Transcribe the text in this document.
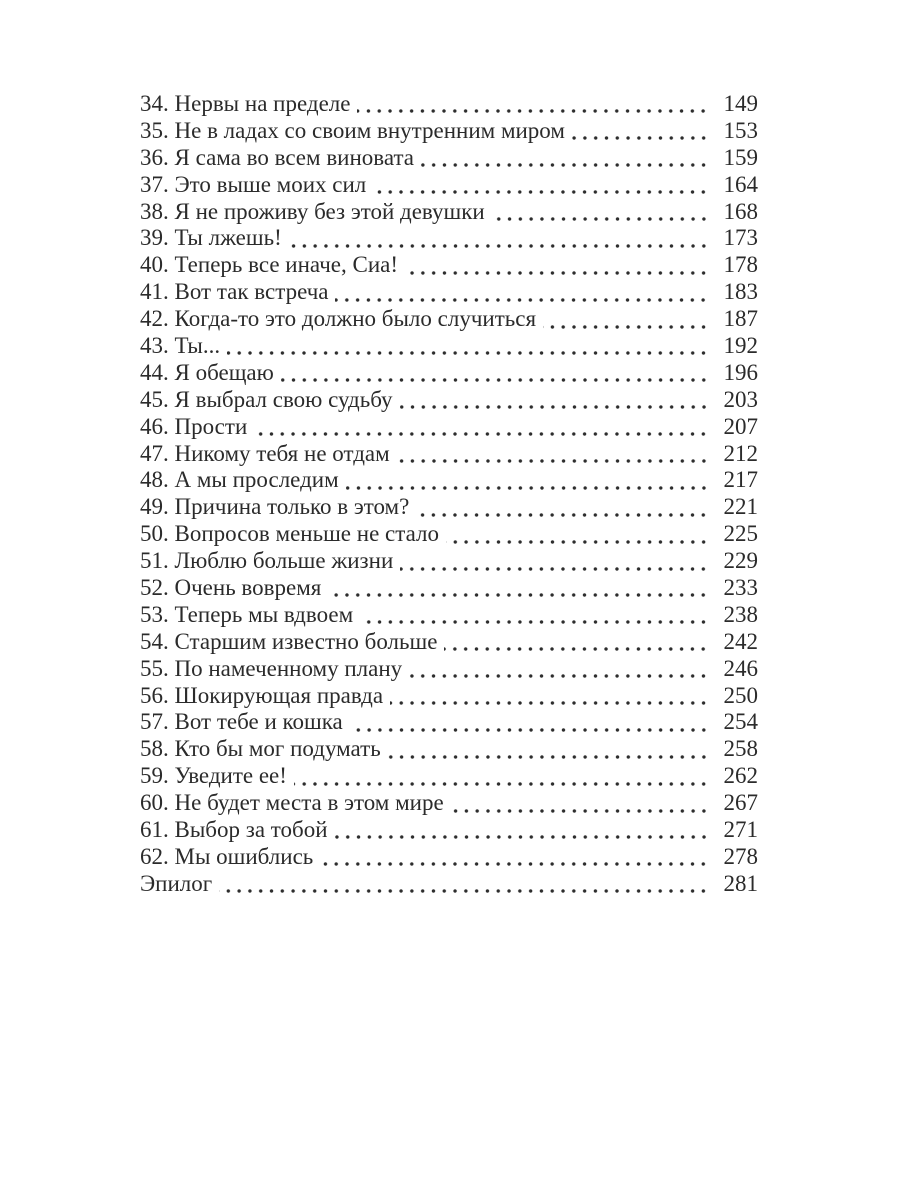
34. Нервы на пределе	149
35. Не в ладах со своим внутренним миром	153
36. Я сама во всем виновата	159
37. Это выше моих сил	164
38. Я не проживу без этой девушки	168
39. Ты лжешь!	173
40. Теперь все иначе, Сиа!	178
41. Вот так встреча	183
42. Когда-то это должно было случиться	187
43. Ты...	192
44. Я обещаю	196
45. Я выбрал свою судьбу	203
46. Прости	207
47. Никому тебя не отдам	212
48. А мы проследим	217
49. Причина только в этом?	221
50. Вопросов меньше не стало	225
51. Люблю больше жизни	229
52. Очень вовремя	233
53. Теперь мы вдвоем	238
54. Старшим известно больше	242
55. По намеченному плану	246
56. Шокирующая правда	250
57. Вот тебе и кошка	254
58. Кто бы мог подумать	258
59. Уведите ее!	262
60. Не будет места в этом мире	267
61. Выбор за тобой	271
62. Мы ошиблись	278
Эпилог	281
